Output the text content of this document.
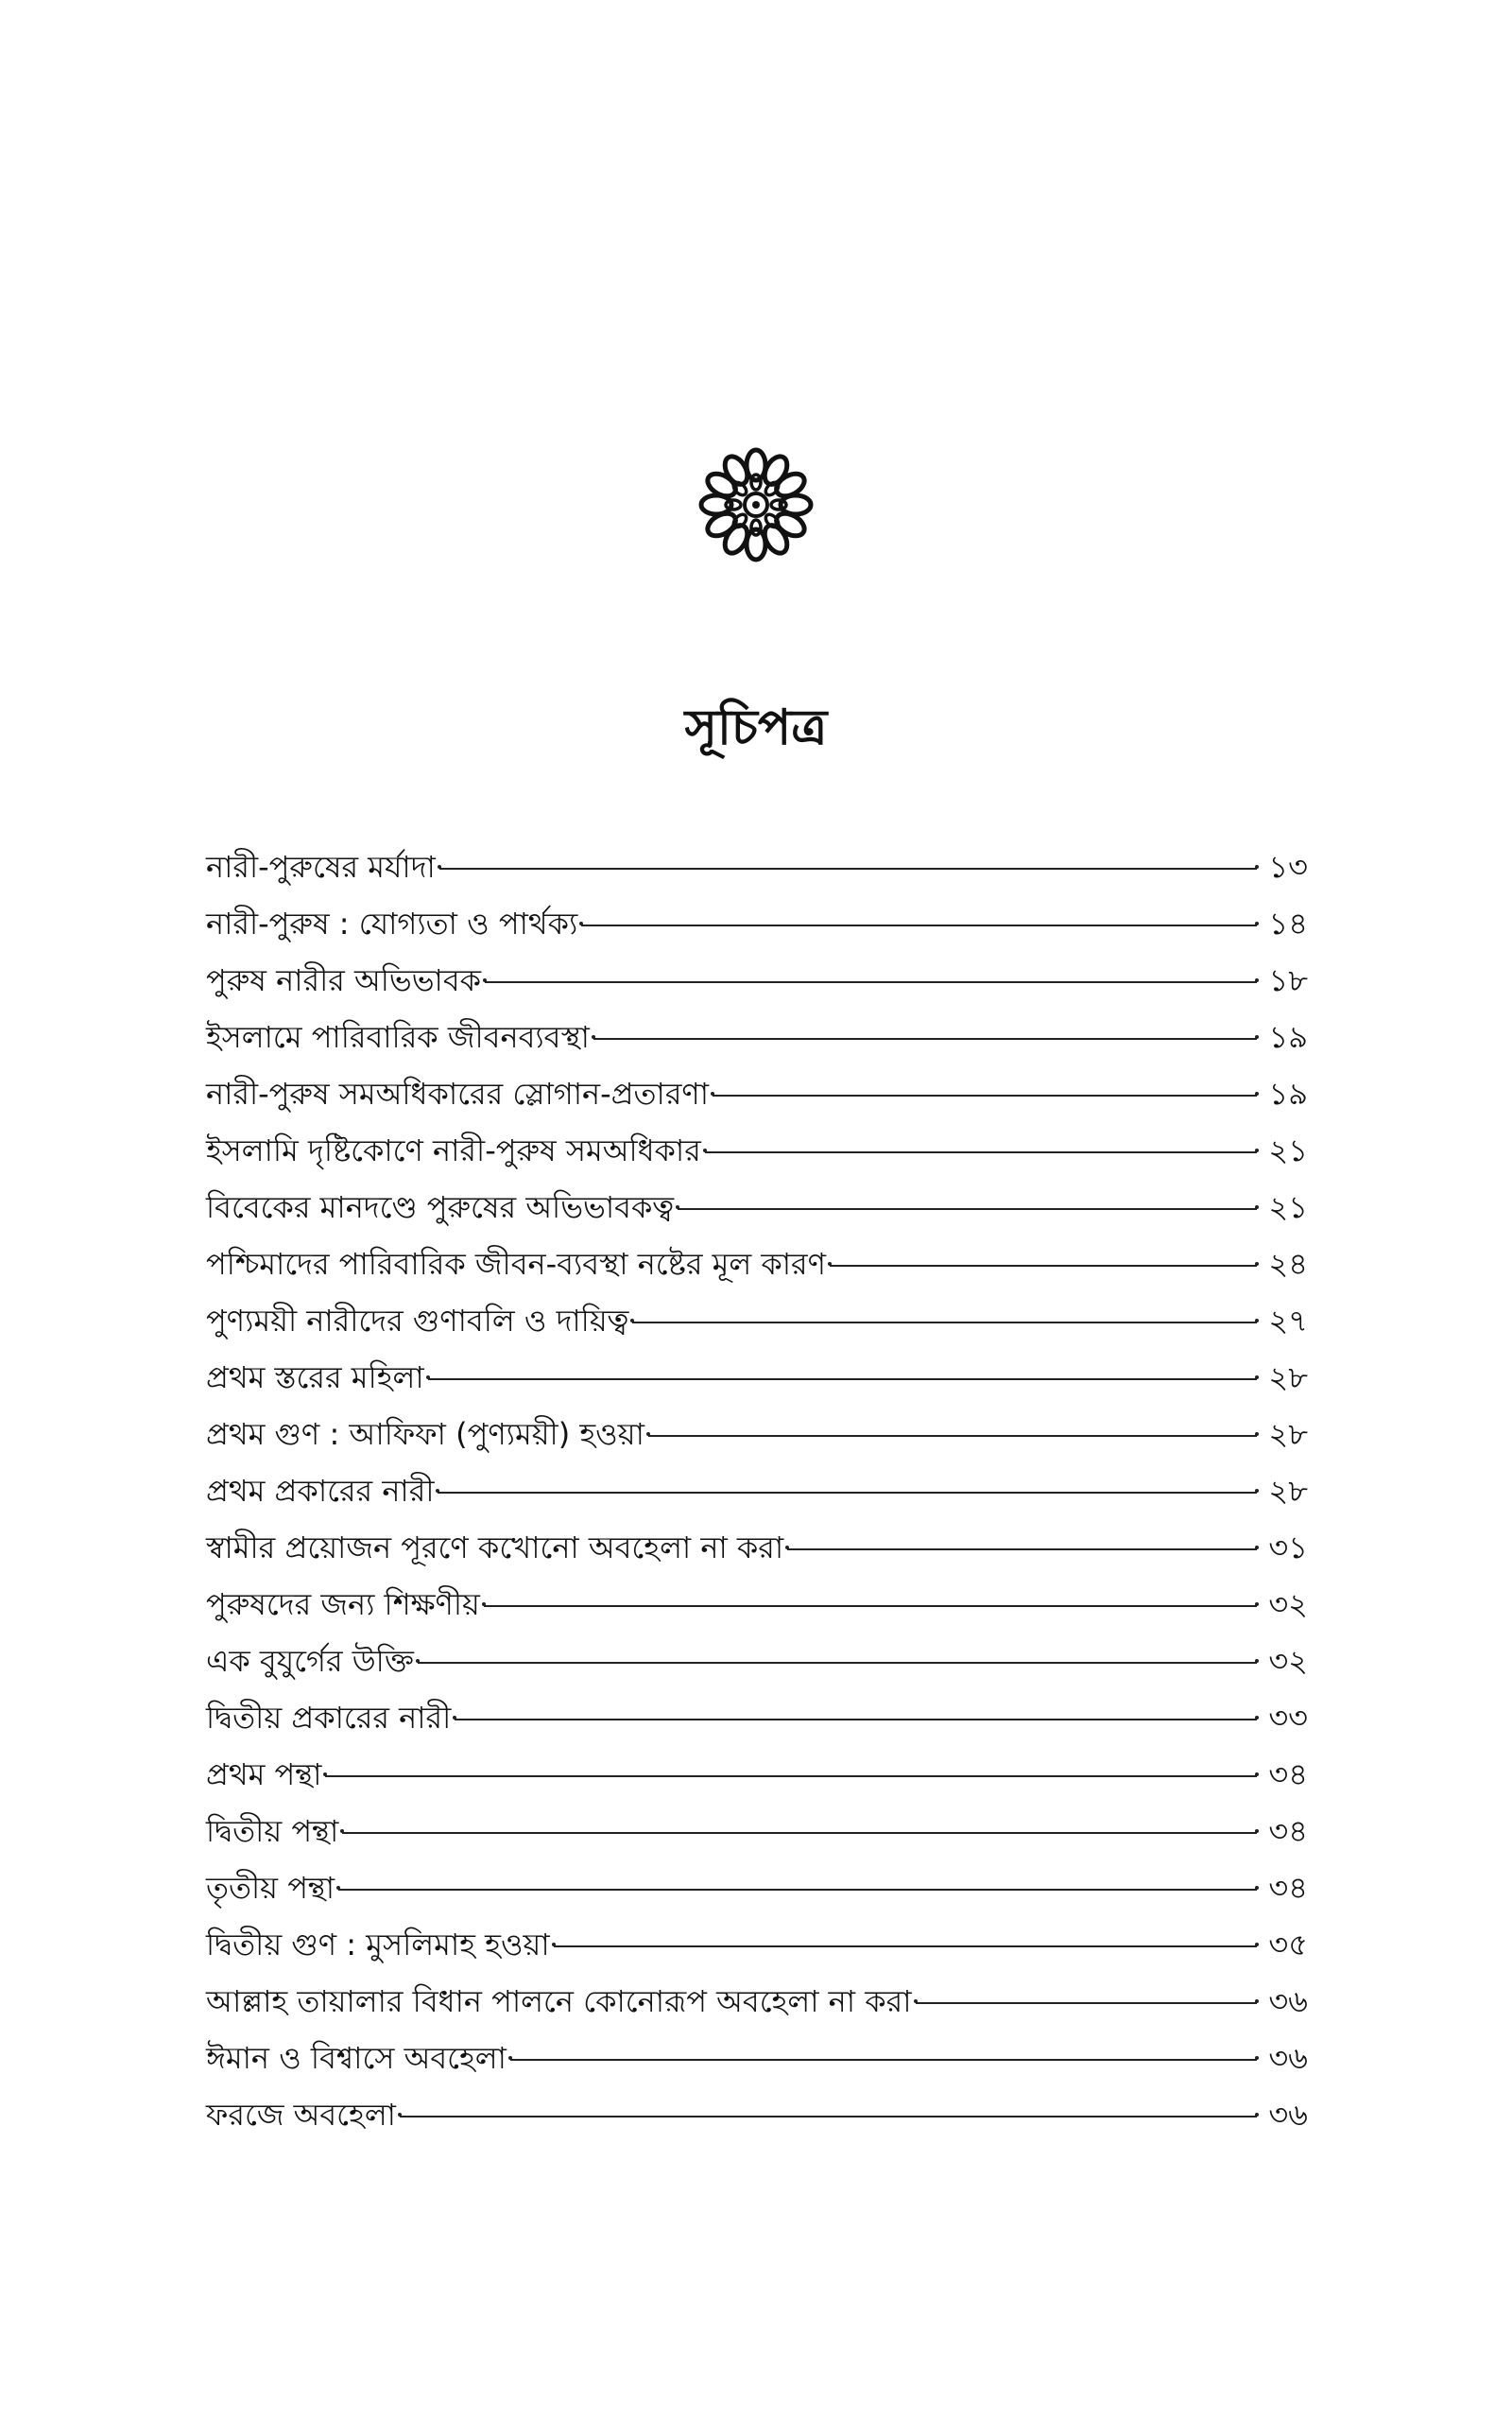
সূচিপত্র
নারী-পুরুষের মর্যাদা	১৩
নারী-পুরুষ : যোগ্যতা ও পার্থক্য	১৪
পুরুষ নারীর অভিভাবক	১৮
ইসলামে পারিবারিক জীবনব্যবস্থা	১৯
নারী-পুরুষ সমঅধিকারের স্লোগান-প্রতারণা	১৯
ইসলামি দৃষ্টিকোণে নারী-পুরুষ সমঅধিকার	২১
বিবেকের মানদণ্ডে পুরুষের অভিভাবকত্ব	২১
পশ্চিমাদের পারিবারিক জীবন-ব্যবস্থা নষ্টের মূল কারণ	২৪
পুণ্যময়ী নারীদের গুণাবলি ও দায়িত্ব	২৭
প্রথম স্তরের মহিলা	২৮
প্রথম গুণ : আফিফা (পুণ্যময়ী) হওয়া	২৮
প্রথম প্রকারের নারী	২৮
স্বামীর প্রয়োজন পূরণে কখোনো অবহেলা না করা	৩১
পুরুষদের জন্য শিক্ষণীয়	৩২
এক বুযুর্গের উক্তি	৩২
দ্বিতীয় প্রকারের নারী	৩৩
প্রথম পন্থা	৩৪
দ্বিতীয় পন্থা	৩৪
তৃতীয় পন্থা	৩৪
দ্বিতীয় গুণ : মুসলিমাহ হওয়া	৩৫
আল্লাহ তায়ালার বিধান পালনে কোনোরূপ অবহেলা না করা	৩৬
ঈমান ও বিশ্বাসে অবহেলা	৩৬
ফরজে অবহেলা	৩৬
